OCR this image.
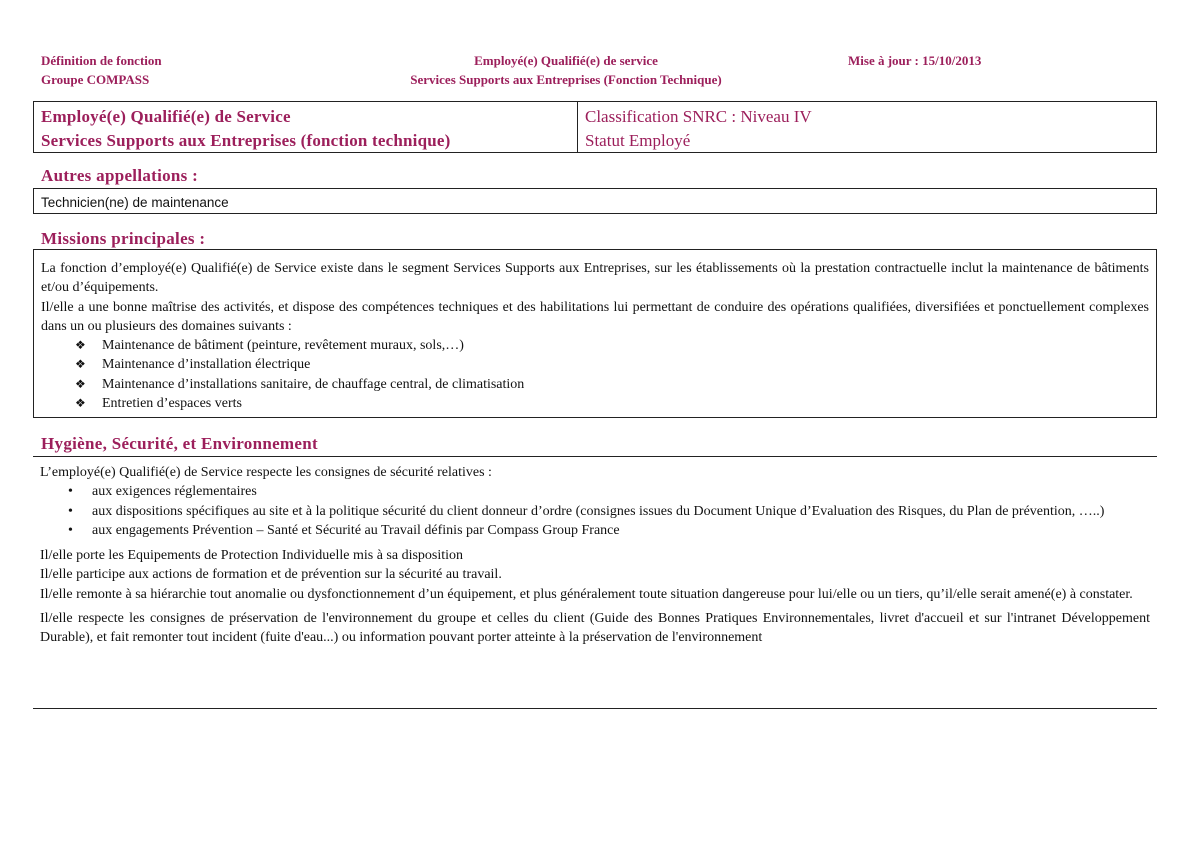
Définition de fonction
Groupe COMPASS
Employé(e) Qualifié(e) de service
Services Supports aux Entreprises (Fonction Technique)
Mise à jour : 15/10/2013
Employé(e) Qualifié(e) de Service
Services Supports aux Entreprises (fonction technique)
Classification SNRC : Niveau IV
Statut Employé
Autres appellations :
Technicien(ne) de maintenance
Missions principales :
La fonction d’employé(e) Qualifié(e) de Service existe dans le segment Services Supports aux Entreprises, sur les établissements où la prestation contractuelle inclut la maintenance de bâtiments et/ou d’équipements.
Il/elle a une bonne maîtrise des activités, et dispose des compétences techniques et des habilitations lui permettant de conduire des opérations qualifiées, diversifiées et ponctuellement complexes dans un ou plusieurs des domaines suivants :
❖ Maintenance de bâtiment (peinture, revêtement muraux, sols,…)
❖ Maintenance d’installation électrique
❖ Maintenance d’installations sanitaire, de chauffage central, de climatisation
❖ Entretien d’espaces verts
Hygiène, Sécurité, et Environnement
L’employé(e) Qualifié(e) de Service respecte les consignes de sécurité relatives :
• aux exigences réglementaires
• aux dispositions spécifiques au site et à la politique sécurité du client donneur d’ordre (consignes issues du Document Unique d’Evaluation des Risques, du Plan de prévention, …..)
• aux engagements Prévention – Santé et Sécurité au Travail définis par Compass Group France
Il/elle porte les Equipements de Protection Individuelle mis à sa disposition
Il/elle participe aux actions de formation et de prévention sur la sécurité au travail.
Il/elle remonte à sa hiérarchie tout anomalie ou dysfonctionnement d’un équipement, et plus généralement toute situation dangereuse pour lui/elle ou un tiers, qu’il/elle serait amené(e) à constater.
Il/elle respecte les consignes de préservation de l'environnement du groupe et celles du client (Guide des Bonnes Pratiques Environnementales, livret d'accueil et sur l'intranet Développement Durable), et fait remonter tout incident (fuite d'eau...) ou information pouvant porter atteinte à la préservation de l'environnement
